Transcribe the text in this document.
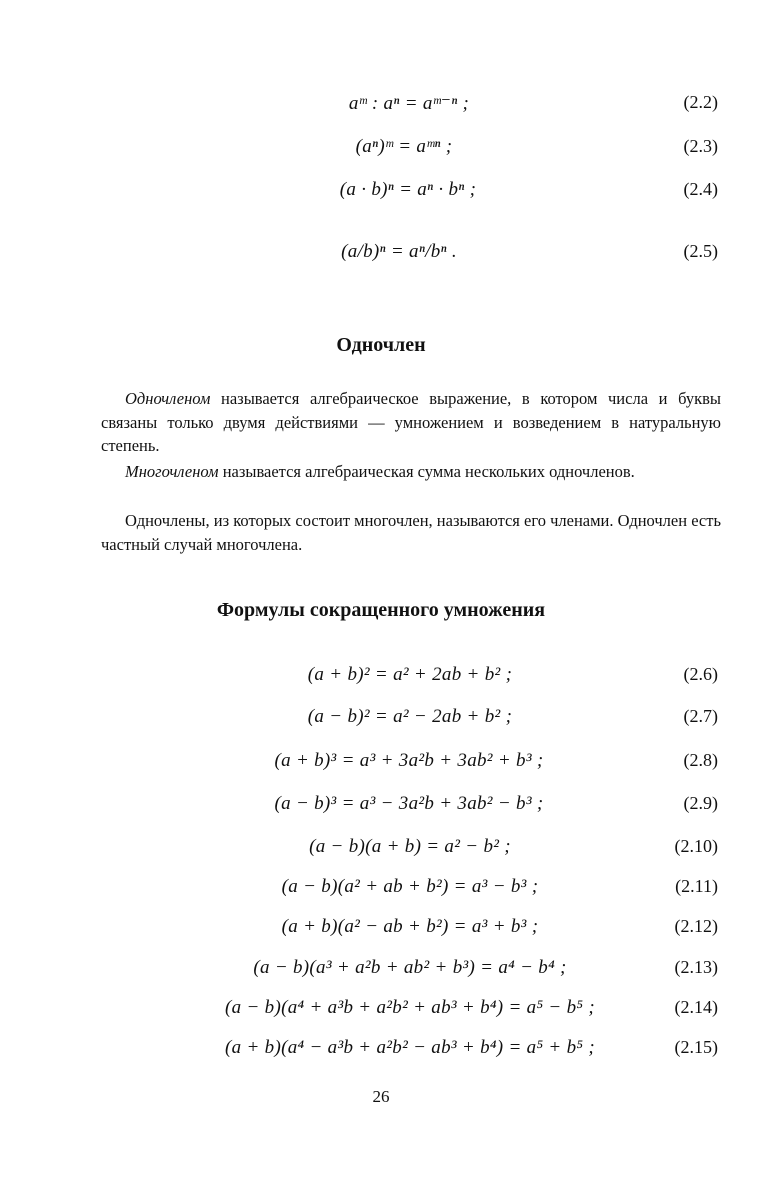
aᵐ : aⁿ = aᵐ⁻ⁿ ;	(2.2)
(aⁿ)ᵐ = aᵐⁿ ;	(2.3)
(a · b)ⁿ = aⁿ · bⁿ ;	(2.4)
(a/b)ⁿ = aⁿ/bⁿ .	(2.5)
Одночлен

Одночленом называется алгебраическое выражение, в котором числа и буквы связаны только двумя действиями — умножением и возведением в натуральную степень.

Многочленом называется алгебраическая сумма нескольких одночленов.

Одночлены, из которых состоит многочлен, называются его членами. Одночлен есть частный случай многочлена.

Формулы сокращенного умножения
(a + b)² = a² + 2ab + b² ;	(2.6)
(a − b)² = a² − 2ab + b² ;	(2.7)
(a + b)³ = a³ + 3a²b + 3ab² + b³ ;	(2.8)
(a − b)³ = a³ − 3a²b + 3ab² − b³ ;	(2.9)
(a − b)(a + b) = a² − b² ;	(2.10)
(a − b)(a² + ab + b²) = a³ − b³ ;	(2.11)
(a + b)(a² − ab + b²) = a³ + b³ ;	(2.12)
(a − b)(a³ + a²b + ab² + b³) = a⁴ − b⁴ ;	(2.13)
(a − b)(a⁴ + a³b + a²b² + ab³ + b⁴) = a⁵ − b⁵ ;	(2.14)
(a + b)(a⁴ − a³b + a²b² − ab³ + b⁴) = a⁵ + b⁵ ;	(2.15)
26
